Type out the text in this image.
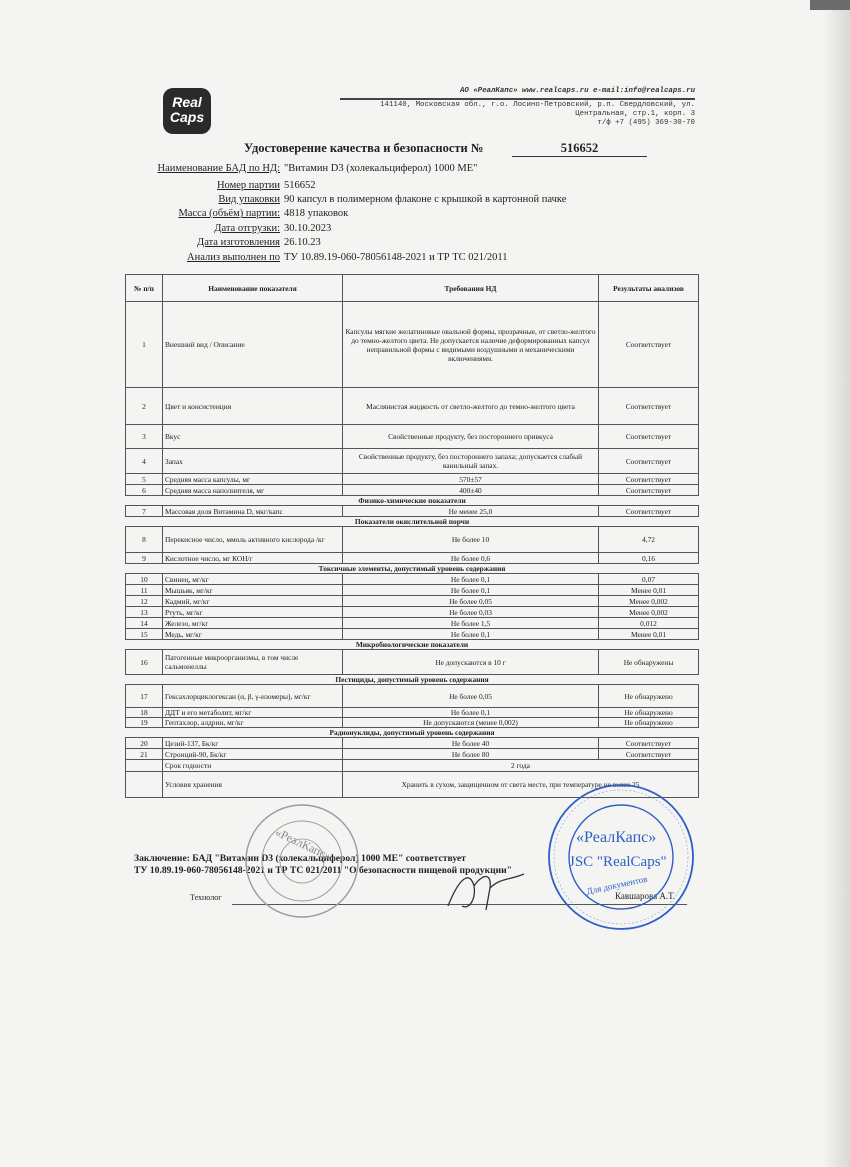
Real
Caps
АО «РеалКапс» www.realcaps.ru e-mail:info@realcaps.ru
141140, Московская обл., г.о. Лосино-Петровский, р.п. Свердловский, ул.
Центральная, стр.1, корп. 3
т/ф +7 (495) 369-30-70
Удостоверение качества и безопасности №	516652
Наименование БАД по НД: "Витамин D3 (холекальциферол) 1000 МЕ"
Номер партии 516652
Вид упаковки 90 капсул в полимерном флаконе с крышкой в картонной пачке
Масса (объём) партии: 4818 упаковок
Дата отгрузки: 30.10.2023
Дата изготовления 26.10.23
Анализ выполнен по ТУ 10.89.19-060-78056148-2021 и ТР ТС 021/2011
№ п/п	Наименование показателя	Требования НД	Результаты анализов
1	Внешний вид / Описание	Капсулы мягкие желатиновые овальной формы, прозрачные, от светло-желтого до темно-желтого цвета. Не допускается наличие деформированных капсул неправильной формы с видимыми воздушными и механическими включениями.	Соответствует
2	Цвет и консистенция	Маслянистая жидкость от светло-желтого до темно-желтого цвета	Соответствует
3	Вкус	Свойственные продукту, без постороннего привкуса	Соответствует
4	Запах	Свойственные продукту, без постороннего запаха; допускается слабый ванильный запах.	Соответствует
5	Средняя масса капсулы, мг	570±57	Соответствует
6	Средняя масса наполнителя, мг	400±40	Соответствует
Физико-химические показатели			
7	Массовая доля Витамина D, мкг/капс	Не менее 25,0	Соответствует
Показатели окислительной порчи			
8	Перекисное число, ммоль активного кислорода /кг	Не более 10	4,72
9	Кислотное число, мг КОН/г	Не более 0,6	0,16
Токсичные элементы, допустимый уровень содержания			
10	Свинец, мг/кг	Не более 0,1	0,07
11	Мышьяк, мг/кг	Не более 0,1	Менее 0,01
12	Кадмий, мг/кг	Не более 0,05	Менее 0,002
13	Ртуть, мг/кг	Не более 0,03	Менее 0,002
14	Железо, мг/кг	Не более 1,5	0,012
15	Медь, мг/кг	Не более 0,1	Менее 0,01
Микробиологические показатели			
16	Патогенные микроорганизмы, в том числе сальмонеллы	Не допускаются в 10 г	Не обнаружены
Пестициды, допустимый уровень содержания			
17	Гексахлорциклогексан (α, β, γ-изомеры), мг/кг	Не более 0,05	Не обнаружено
18	ДДТ и его метаболит, мг/кг	Не более 0,1	Не обнаружено
19	Гептахлор, алдрин, мг/кг	Не допускаются (менее 0,002)	Не обнаружено
Радионуклиды, допустимый уровень содержания			
20	Цезий-137, Бк/кг	Не более 40	Соответствует
21	Стронций-90, Бк/кг	Не более 80	Соответствует
	Срок годности	2 года	
	Условия хранения	Хранить в сухом, защищенном от света месте, при температуре не выше 25	
Заключение: БАД "Витамин D3 (холекальциферол) 1000 МЕ" соответствует
ТУ 10.89.19-060-78056148-2021 и ТР ТС 021/2011 "О безопасности пищевой продукции"
Технолог	Кавшарова А.Т.
«РеалКапс»	«РеалКапс»
JSC "RealCaps"
Для документов
